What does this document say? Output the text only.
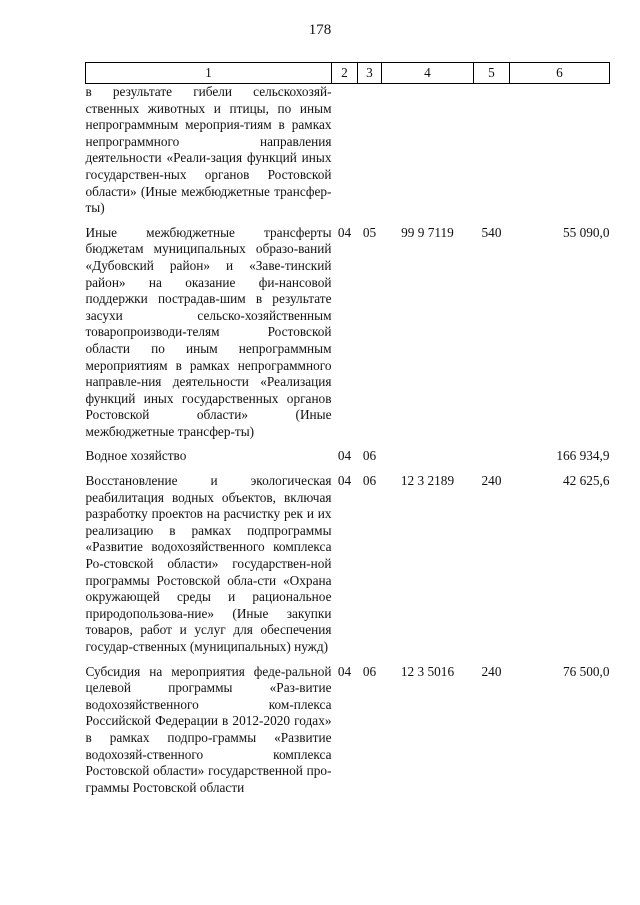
178
1	2	3	4	5	6
в результате гибели сельскохозяй-ственных животных и птицы, по иным непрограммным мероприя-тиям в рамках непрограммного направления деятельности «Реали-зация функций иных государствен-ных органов Ростовской области» (Иные межбюджетные трансфер-ты)					

Иные межбюджетные трансферты бюджетам муниципальных образо-ваний «Дубовский район» и «Заве-тинский район» на оказание фи-нансовой поддержки пострадав-шим в результате засухи сельско-хозяйственным товаропроизводи-телям Ростовской области по иным непрограммным мероприятиям в рамках непрограммного направле-ния деятельности «Реализация функций иных государственных органов Ростовской области» (Иные межбюджетные трансфер-ты)	04	05	99 9 7119	540	55 090,0

Водное хозяйство	04	06			166 934,9

Восстановление и экологическая реабилитация водных объектов, включая разработку проектов на расчистку рек и их реализацию в рамках подпрограммы «Развитие водохозяйственного комплекса Ро-стовской области» государствен-ной программы Ростовской обла-сти «Охрана окружающей среды и рациональное природопользова-ние» (Иные закупки товаров, работ и услуг для обеспечения государ-ственных (муниципальных) нужд)	04	06	12 3 2189	240	42 625,6

Субсидия на мероприятия феде-ральной целевой программы «Раз-витие водохозяйственного ком-плекса Российской Федерации в 2012-2020 годах» в рамках подпро-граммы «Развитие водохозяй-ственного комплекса Ростовской области» государственной про-граммы Ростовской области	04	06	12 3 5016	240	76 500,0
